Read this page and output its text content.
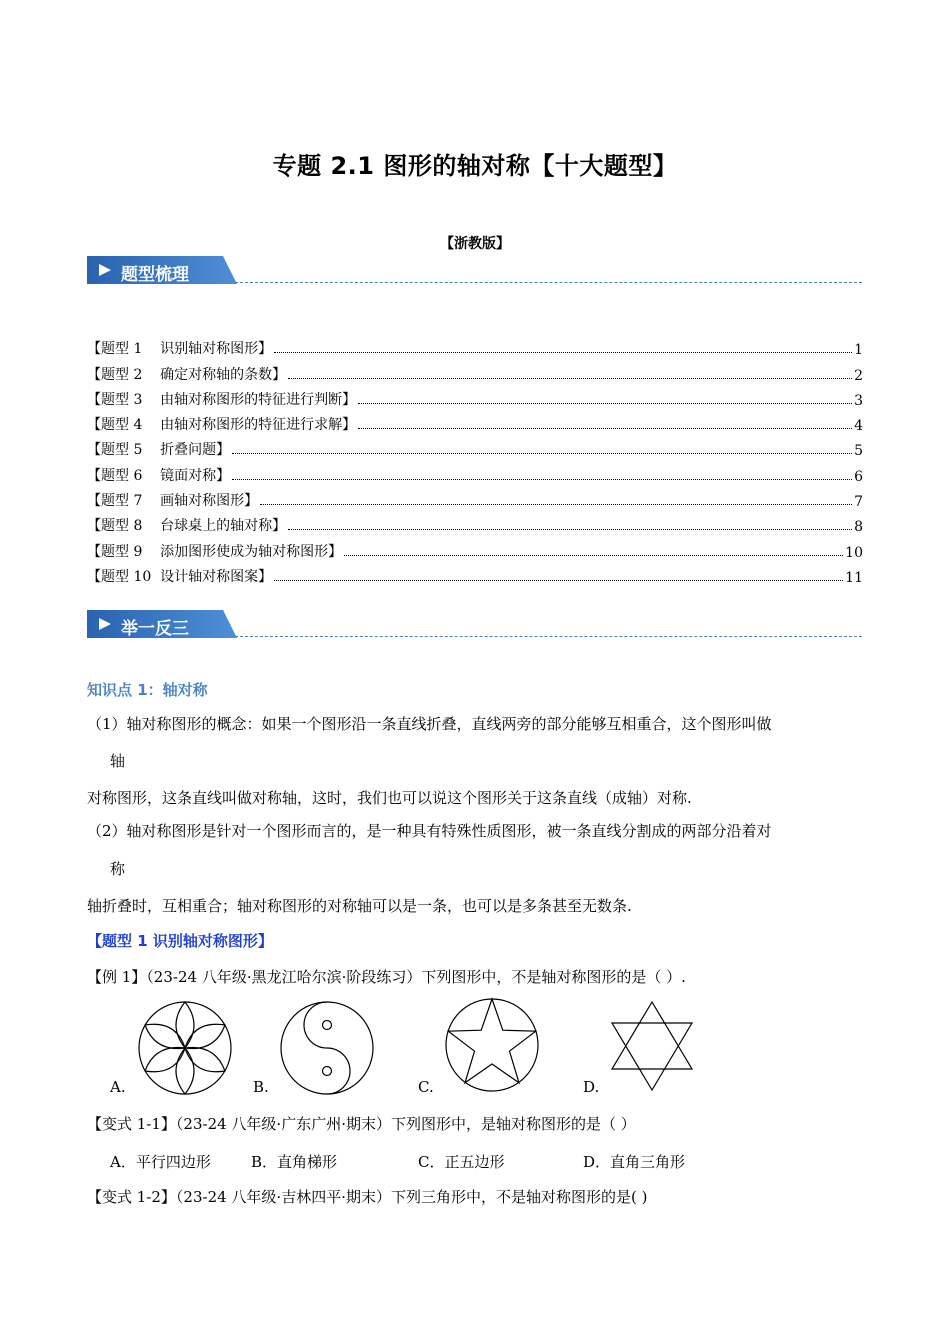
专题 2.1 图形的轴对称【十大题型】
【浙教版】
题型梳理
【题型 1    识别轴对称图形】	1
【题型 2    确定对称轴的条数】	2
【题型 3    由轴对称图形的特征进行判断】	3
【题型 4    由轴对称图形的特征进行求解】	4
【题型 5    折叠问题】	5
【题型 6    镜面对称】	6
【题型 7    画轴对称图形】	7
【题型 8    台球桌上的轴对称】	8
【题型 9    添加图形使成为轴对称图形】	10
【题型 10  设计轴对称图案】	11
举一反三
知识点 1：轴对称
（1）轴对称图形的概念：如果一个图形沿一条直线折叠，直线两旁的部分能够互相重合，这个图形叫做
轴
对称图形，这条直线叫做对称轴，这时，我们也可以说这个图形关于这条直线（成轴）对称.
（2）轴对称图形是针对一个图形而言的，是一种具有特殊性质图形，被一条直线分割成的两部分沿着对
称
轴折叠时，互相重合；轴对称图形的对称轴可以是一条，也可以是多条甚至无数条.
【题型 1 识别轴对称图形】
【例 1】（23-24 八年级·黑龙江哈尔滨·阶段练习）下列图形中，不是轴对称图形的是（ ）.
A.	B.	C.	D.
【变式 1-1】（23-24 八年级·广东广州·期末）下列图形中，是轴对称图形的是（ ）
A．平行四边形	B．直角梯形	C．正五边形	D．直角三角形
【变式 1-2】（23-24 八年级·吉林四平·期末）下列三角形中，不是轴对称图形的是( )
